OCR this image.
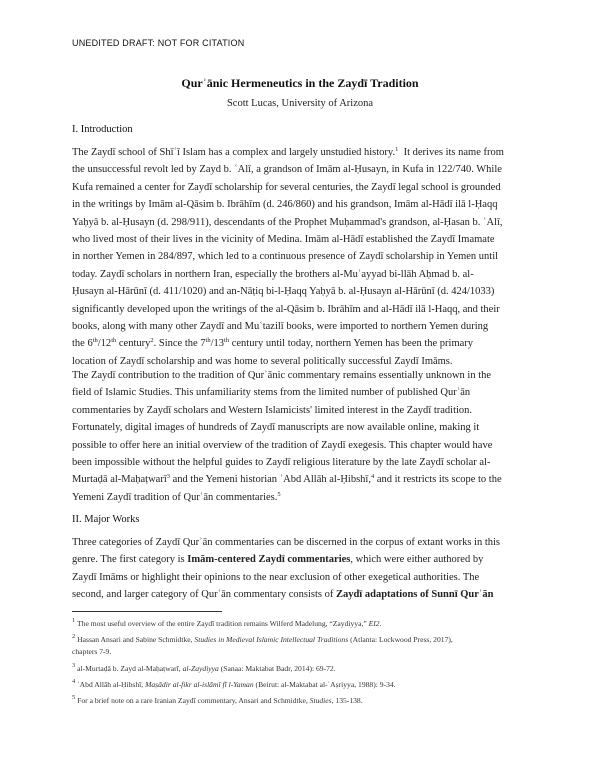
UNEDITED DRAFT: NOT FOR CITATION
Qurʾānic Hermeneutics in the Zaydī Tradition
Scott Lucas, University of Arizona
I. Introduction
The Zaydī school of Shīʿī Islam has a complex and largely unstudied history.$^1$ It derives its name from
the unsuccessful revolt led by Zayd b. ʿAlī, a grandson of Imām al-Ḥusayn, in Kufa in 122/740. While
Kufa remained a center for Zaydī scholarship for several centuries, the Zaydī legal school is grounded
in the writings by Imām al-Qāsim b. Ibrāhīm (d. 246/860) and his grandson, Imām al-Hādī ilā l-Ḥaqq
Yaḥyā b. al-Ḥusayn (d. 298/911), descendants of the Prophet Muḥammad's grandson, al-Ḥasan b. ʿAlī,
who lived most of their lives in the vicinity of Medina. Imām al-Hādī established the Zaydī Imamate
in norther Yemen in 284/897, which led to a continuous presence of Zaydī scholarship in Yemen until
today. Zaydī scholars in northern Iran, especially the brothers al-Muʾayyad bi-llāh Aḥmad b. al-
Ḥusayn al-Hārūnī (d. 411/1020) and an-Nāṭiq bi-l-Ḥaqq Yaḥyā b. al-Ḥusayn al-Hārūnī (d. 424/1033)
significantly developed upon the writings of the al-Qāsim b. Ibrāhīm and al-Hādī ilā l-Haqq, and their
books, along with many other Zaydī and Muʿtazilī books, were imported to northern Yemen during
the 6th/12th century$^2$. Since the 7th/13th century until today, northern Yemen has been the primary
location of Zaydī scholarship and was home to several politically successful Zaydī Imāms.
The Zaydī contribution to the tradition of Qurʾānic commentary remains essentially unknown in the
field of Islamic Studies. This unfamiliarity stems from the limited number of published Qurʾān
commentaries by Zaydī scholars and Western Islamicists' limited interest in the Zaydī tradition.
Fortunately, digital images of hundreds of Zaydī manuscripts are now available online, making it
possible to offer here an initial overview of the tradition of Zaydī exegesis. This chapter would have
been impossible without the helpful guides to Zaydī religious literature by the late Zaydī scholar al-
Murtaḍā al-Maḥaṭwarī$^3$ and the Yemeni historian ʿAbd Allāh al-Ḥibshī,$^4$ and it restricts its scope to the
Yemeni Zaydī tradition of Qurʾān commentaries.$^5$
II. Major Works
Three categories of Zaydī Qurʾān commentaries can be discerned in the corpus of extant works in this
genre. The first category is Imām-centered Zaydī commentaries, which were either authored by
Zaydī Imāms or highlight their opinions to the near exclusion of other exegetical authorities. The
second, and larger category of Qurʾān commentary consists of Zaydī adaptations of Sunnī Qurʾān
$^1$ The most useful overview of the entire Zaydī tradition remains Wilferd Madelung, “Zaydiyya,” EI2.
$^2$ Hassan Ansari and Sabine Schmidtke, Studies in Medieval Islamic Intellectual Traditions (Atlanta: Lockwood Press, 2017),
chapters 7-9.
$^3$ al-Murtaḍā b. Zayd al-Maḥaṭwarī, al-Zaydiyya (Sanaa: Maktabat Badr, 2014): 69-72.
$^4$ ʿAbd Allāh al-Ḥibshī, Maṣādir al-fikr al-islāmī fī l-Yaman (Beirut: al-Maktabat al-ʿAṣriyya, 1988): 9-34.
$^5$ For a brief note on a rare Iranian Zaydī commentary, Ansari and Schmidtke, Studies, 135-138.
